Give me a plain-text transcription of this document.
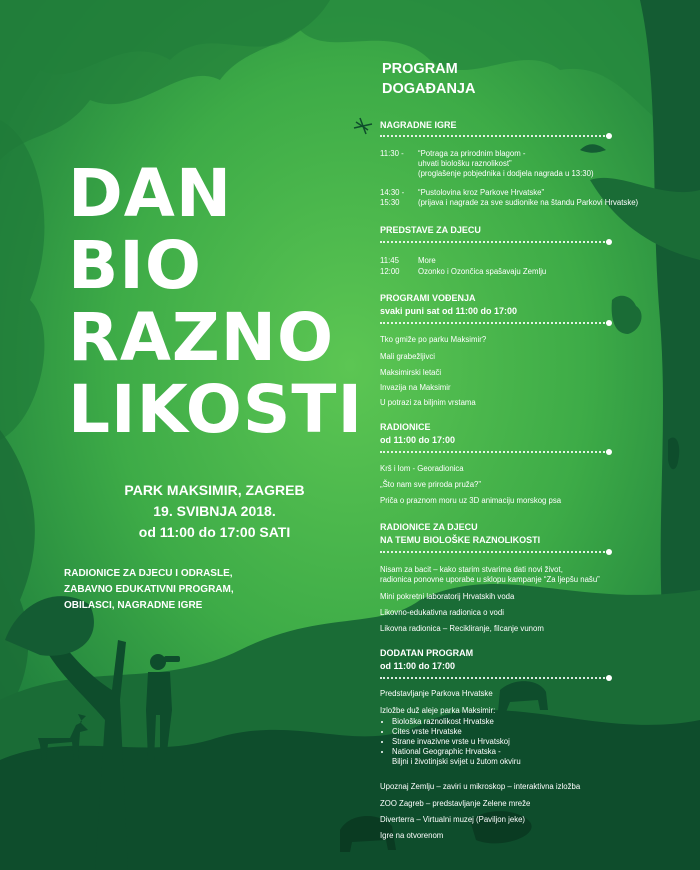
DAN
BIO
RAZNO
LIKOSTI
PARK MAKSIMIR, ZAGREB
19. SVIBNJA 2018.
od 11:00 do 17:00 SATI
RADIONICE ZA DJECU I ODRASLE,
ZABAVNO EDUKATIVNI PROGRAM,
OBILASCI, NAGRADNE IGRE
PROGRAM
DOGAĐANJA
NAGRADNE IGRE
11:30 - “Potraga za prirodnim blagom -
uhvati biološku raznolikost”
(proglašenje pobjednika i dodjela nagrada u 13:30)
14:30 -
15:30
“Pustolovina kroz Parkove Hrvatske”
(prijava i nagrade za sve sudionike na štandu Parkovi Hrvatske)
PREDSTAVE ZA DJECU
11:45 More
12:00 Ozonko i Ozončica spašavaju Zemlju
PROGRAMI VOĐENJA
svaki puni sat od 11:00 do 17:00
Tko gmiže po parku Maksimir?
Mali grabežljivci
Maksimirski letači
Invazija na Maksimir
U potrazi za biljnim vrstama
RADIONICE
od 11:00 do 17:00
Krš i lom - Georadionica
„Što nam sve priroda pruža?”
Priča o praznom moru uz 3D animaciju morskog psa
RADIONICE ZA DJECU
NA TEMU BIOLOŠKE RAZNOLIKOSTI
Nisam za bacit – kako starim stvarima dati novi život,
radionica ponovne uporabe u sklopu kampanje “Za ljepšu našu”
Mini pokretni laboratorij Hrvatskih voda
Likovno-edukativna radionica o vodi
Likovna radionica – Recikliranje, filcanje vunom
DODATAN PROGRAM
od 11:00 do 17:00
Predstavljanje Parkova Hrvatske
Izložbe duž aleje parka Maksimir:
• Biološka raznolikost Hrvatske
• Cites vrste Hrvatske
• Strane invazivne vrste u Hrvatskoj
• National Geographic Hrvatska -
Biljni i životinjski svijet u žutom okviru
Upoznaj Zemlju – zaviri u mikroskop – interaktivna izložba
ZOO Zagreb – predstavljanje Zelene mreže
Diverterra – Virtualni muzej (Paviljon jeke)
Igre na otvorenom
